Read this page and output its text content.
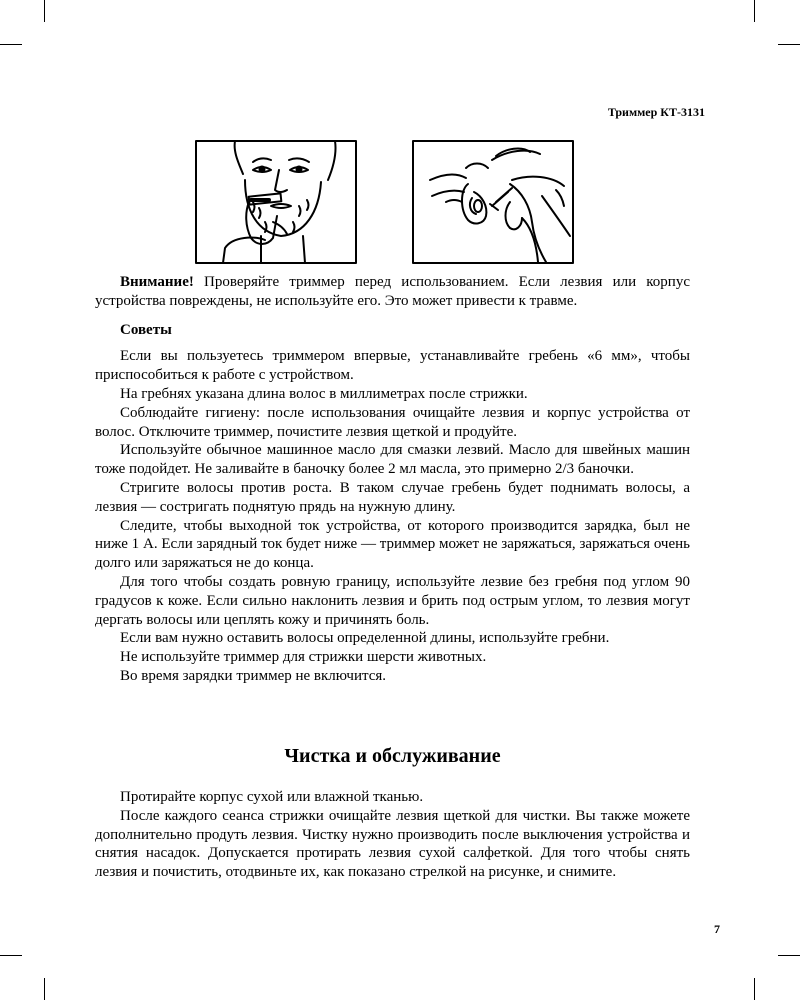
Триммер КТ-3131

Внимание! Проверяйте триммер перед использованием. Если лезвия или корпус устройства повреждены, не используйте его. Это может привести к травме.

Советы

Если вы пользуетесь триммером впервые, устанавливайте гребень «6 мм», чтобы приспособиться к работе с устройством.

На гребнях указана длина волос в миллиметрах после стрижки.

Соблюдайте гигиену: после использования очищайте лезвия и корпус устройства от волос. Отключите триммер, почистите лезвия щеткой и продуйте.

Используйте обычное машинное масло для смазки лезвий. Масло для швейных машин тоже подойдет. Не заливайте в баночку более 2 мл масла, это примерно 2/3 баночки.

Стригите волосы против роста. В таком случае гребень будет поднимать волосы, а лезвия — состригать поднятую прядь на нужную длину.

Следите, чтобы выходной ток устройства, от которого производится зарядка, был не ниже 1 А. Если зарядный ток будет ниже — триммер может не заряжаться, заряжаться очень долго или заряжаться не до конца.

Для того чтобы создать ровную границу, используйте лезвие без гребня под углом 90 градусов к коже. Если сильно наклонить лезвия и брить под острым углом, то лезвия могут дергать волосы или цеплять кожу и причинять боль.

Если вам нужно оставить волосы определенной длины, используйте гребни.

Не используйте триммер для стрижки шерсти животных.

Во время зарядки триммер не включится.

Чистка и обслуживание

Протирайте корпус сухой или влажной тканью.

После каждого сеанса стрижки очищайте лезвия щеткой для чистки. Вы также можете дополнительно продуть лезвия. Чистку нужно производить после выключения устройства и снятия насадок. Допускается протирать лезвия сухой салфеткой. Для того чтобы снять лезвия и почистить, отодвиньте их, как показано стрелкой на рисунке, и снимите.

7
